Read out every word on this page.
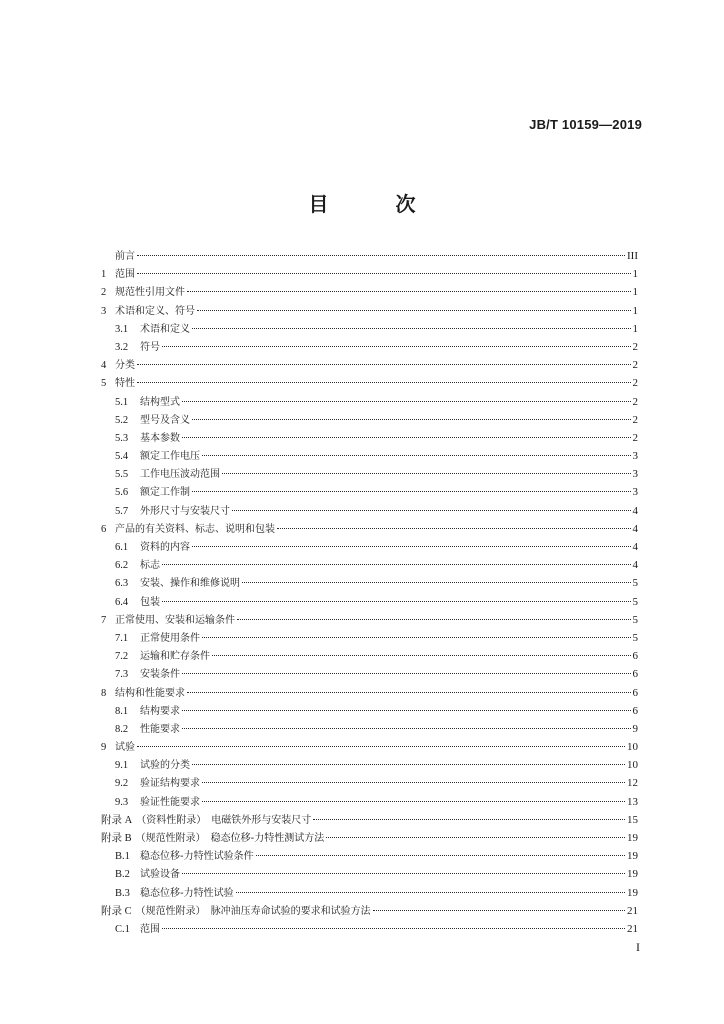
JB/T 10159—2019
目 次
前言	III
1 范围	1
2 规范性引用文件	1
3 术语和定义、符号	1
3.1	术语和定义	1
3.2	符号	2
4 分类	2
5 特性	2
5.1	结构型式	2
5.2	型号及含义	2
5.3	基本参数	2
5.4	额定工作电压	3
5.5	工作电压波动范围	3
5.6	额定工作制	3
5.7	外形尺寸与安装尺寸	4
6 产品的有关资料、标志、说明和包装	4
6.1	资料的内容	4
6.2	标志	4
6.3	安装、操作和维修说明	5
6.4	包装	5
7 正常使用、安装和运输条件	5
7.1	正常使用条件	5
7.2	运输和贮存条件	6
7.3	安装条件	6
8 结构和性能要求	6
8.1	结构要求	6
8.2	性能要求	9
9 试验	10
9.1	试验的分类	10
9.2	验证结构要求	12
9.3	验证性能要求	13
附录 A （资料性附录）　电磁铁外形与安装尺寸	15
附录 B （规范性附录）　稳态位移-力特性测试方法	19
B.1	稳态位移-力特性试验条件	19
B.2	试验设备	19
B.3	稳态位移-力特性试验	19
附录 C （规范性附录）　脉冲油压寿命试验的要求和试验方法	21
C.1	范围	21
I
